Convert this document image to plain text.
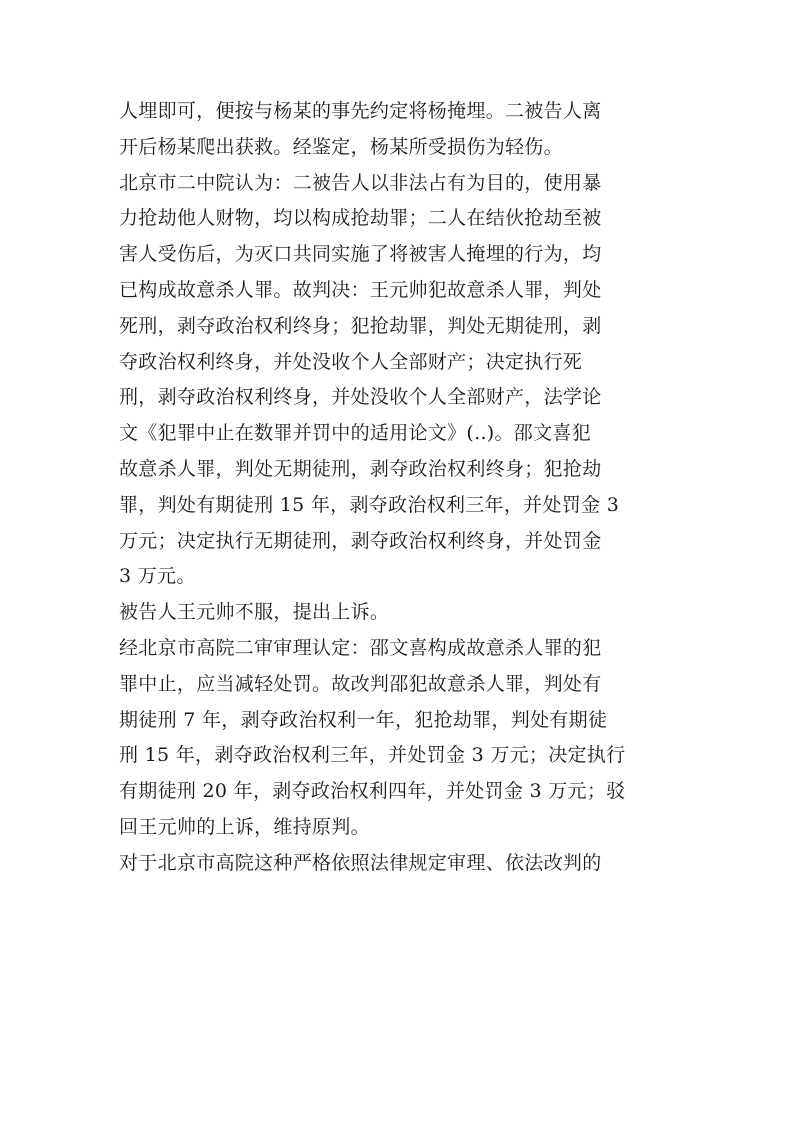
人埋即可，便按与杨某的事先约定将杨掩埋。二被告人离
开后杨某爬出获救。经鉴定，杨某所受损伤为轻伤。
北京市二中院认为：二被告人以非法占有为目的，使用暴
力抢劫他人财物，均以构成抢劫罪；二人在结伙抢劫至被
害人受伤后，为灭口共同实施了将被害人掩埋的行为，均
已构成故意杀人罪。故判决：王元帅犯故意杀人罪，判处
死刑，剥夺政治权利终身；犯抢劫罪，判处无期徒刑，剥
夺政治权利终身，并处没收个人全部财产；决定执行死
刑，剥夺政治权利终身，并处没收个人全部财产，法学论
文《犯罪中止在数罪并罚中的适用论文》(..)。邵文喜犯
故意杀人罪，判处无期徒刑，剥夺政治权利终身；犯抢劫
罪，判处有期徒刑 15 年，剥夺政治权利三年，并处罚金 3
万元；决定执行无期徒刑，剥夺政治权利终身，并处罚金
3 万元。
被告人王元帅不服，提出上诉。
经北京市高院二审审理认定：邵文喜构成故意杀人罪的犯
罪中止，应当减轻处罚。故改判邵犯故意杀人罪，判处有
期徒刑 7 年，剥夺政治权利一年，犯抢劫罪，判处有期徒
刑 15 年，剥夺政治权利三年，并处罚金 3 万元；决定执行
有期徒刑 20 年，剥夺政治权利四年，并处罚金 3 万元；驳
回王元帅的上诉，维持原判。
对于北京市高院这种严格依照法律规定审理、依法改判的
